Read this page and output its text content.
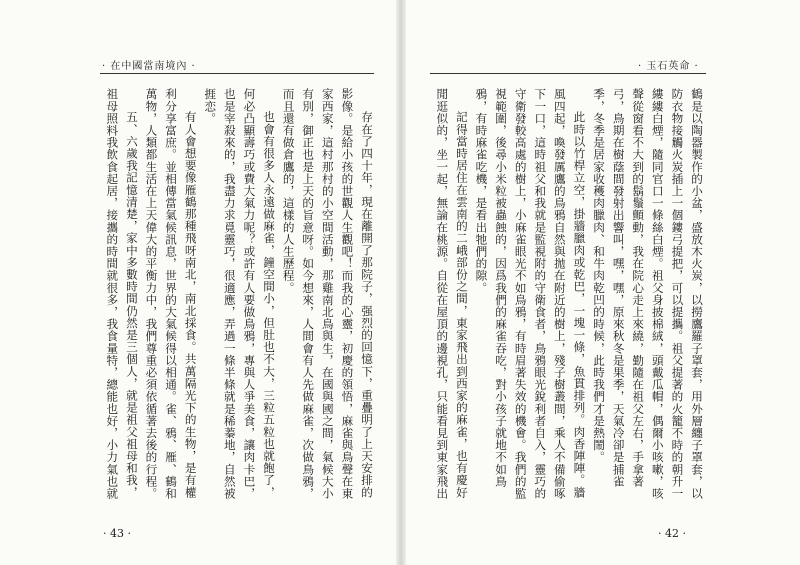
· 在中國當南境內 ·

存在了四十年，現在離開了那院子，强烈的回憶下，重疊明了上天安排的影像。是給小孩的世觀人生觀吧！而我的心靈，初慶的領悟，麻雀與鳥聲在東家西家，這村那村的小空間活動，那雞南北鳥與生，在國與國之間，氣候大小有別，御正也是上天的旨意呀。如今想來，人間會有人先做麻雀，次做鳥鴉，而且還有做倉鷹的，這樣的人生歷程。

也會有很多人永遠做麻雀，鐘空間小，但肚也不大，三粒五粒也就飽了，何必凸顯壽巧或費大氣力呢？或許有人要做鳥鴉，專與人爭美食，讓肉卡巴，也是宰殺來的，我盡力求覓靈巧，很適應，弄過一條半條就是稀蓁地，自然被捱恋。

有人會想要像雁鶴那種飛呀南北，南北採食。共萬隔光下的生物，是有權利分享富庶。並相傳當氣候訊息，世界的大氣候得以相通。雀、鴉、雁、鶴和萬物，人類都生活在上天偉大的平衡力中，我們尊重必須依循著去後的行程。

五、六歲我記憶清楚，家中多數時間仍然是三個人，就是祖父祖母和我，祖母照料我飲食起居，接攜的時間就很多，我食量特，總能也好，小力氣也就

· 43 ·
· 玉石英命 ·

鶴是以陶器製作的小盆，盛放木火炭，以撈鷹羅子罩套，用外層纏子罩套，以防衣物接觸火炭插上一個鏤弓提把，可以提攜。祖父提著的火籠不時的朝升一縷縷白煙，隨同官口一條絲白煙。祖父身披棉絨，頭戴瓜帽，偶爾小咳嗽，咳聲從窗看不大到的鬍鬚顫動，我在院心走上來繞，勤隨在祖父左右，手拿著弓，鳥期在樹蔭間發射出響叫，嘿，嘿，原來秋冬是果季，天氣冷卻是捕雀季，冬季是居家收穫肉臘肉、和牛肉乾凹的時候，此時我們才是熱鬧。

此時以竹桿立空，掛牆臘肉或乾巴，一塊一條，魚貫排列。肉香陣陣。牆風四起，喚發厲鷹的鳥鴉自然與拋在附近的樹上，殘子樹叢間，乘人不備偷啄下一口，這時祖父和我就是監視附的守衛食者，鳥鴉眼光銳利者自入，靈巧的守衛發較高處的樹上，小麻雀眼光不如鳥鴉，有時眉著失效的機會。我們的監視範圍，後尋小米粒被蟲蝕的，因爲我們的麻雀吞吃，對小孩子就地不如鳥鴉，有時麻雀吃機，是看出牠們的隙。

記得當時居住在雲南的二峨部份之間，東家飛出到西家的麻雀，也有慶好閒逛似的，坐一起，無論在桃源。自從在屋頂的邊視孔，只能看見到東家飛出

· 42 ·
